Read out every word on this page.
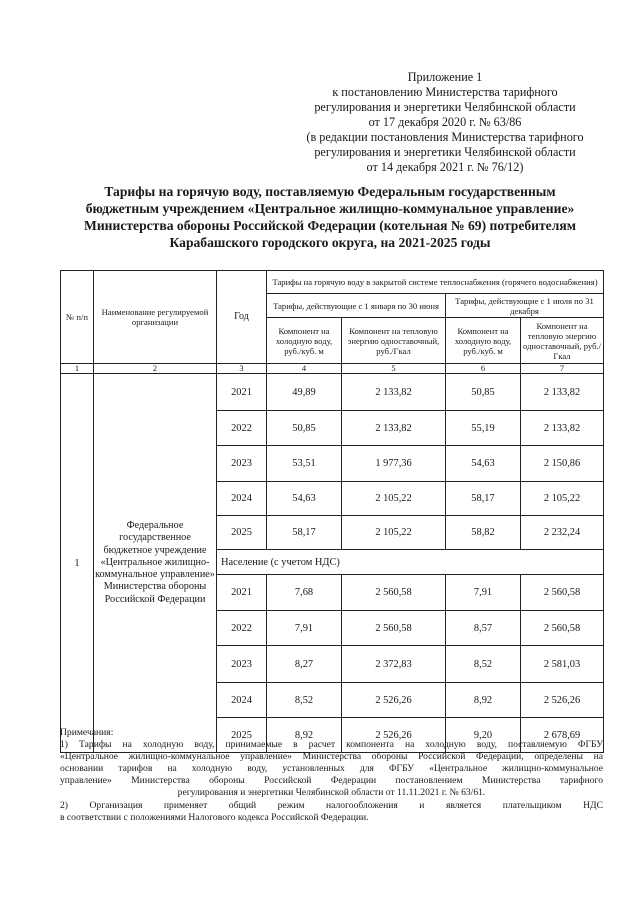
Приложение 1
к постановлению Министерства тарифного
регулирования и энергетики Челябинской области
от 17 декабря 2020 г. № 63/86
(в редакции постановления Министерства тарифного
регулирования и энергетики Челябинской области
от 14 декабря 2021 г. № 76/12)
Тарифы на горячую воду, поставляемую Федеральным государственным
бюджетным учреждением «Центральное жилищно-коммунальное управление»
Министерства обороны Российской Федерации (котельная № 69) потребителям
Карабашского городского округа, на 2021-2025 годы
№ п/п	Наименование регулируемой организации	Год	Тарифы на горячую воду в закрытой системе теплоснабжения (горячего водоснабжения)			
			Тарифы, действующие с 1 января по 30 июня		Тарифы, действующие с 1 июля по 31 декабря	
			Компонент на холодную воду, руб./куб. м	Компонент на тепловую энергию одноставочный, руб./Гкал	Компонент на холодную воду, руб./куб. м	Компонент на тепловую энергию одноставочный, руб./Гкал
1	2	3	4	5	6	7
1	Федеральное государственное бюджетное учреждение «Центральное жилищно-коммунальное управление» Министерства обороны Российской Федерации	2021	49,89	2 133,82	50,85	2 133,82
		2022	50,85	2 133,82	55,19	2 133,82
		2023	53,51	1 977,36	54,63	2 150,86
		2024	54,63	2 105,22	58,17	2 105,22
		2025	58,17	2 105,22	58,82	2 232,24
		Население (с учетом НДС)				
		2021	7,68	2 560,58	7,91	2 560,58
		2022	7,91	2 560,58	8,57	2 560,58
		2023	8,27	2 372,83	8,52	2 581,03
		2024	8,52	2 526,26	8,92	2 526,26
		2025	8,92	2 526,26	9,20	2 678,69
Примечания:
1) Тарифы на холодную воду, принимаемые в расчет компонента на холодную воду, поставляемую ФГБУ
«Центральное жилищно-коммунальное управление» Министерства обороны Российской Федерации, определены на
основании тарифов на холодную воду, установленных для ФГБУ «Центральное жилищно-коммунальное
управление» Министерства обороны Российской Федерации постановлением Министерства тарифного
регулирования и энергетики Челябинской области от 11.11.2021 г. № 63/61.
2) Организация применяет общий режим налогообложения и является плательщиком НДС
в соответствии с положениями Налогового кодекса Российской Федерации.
